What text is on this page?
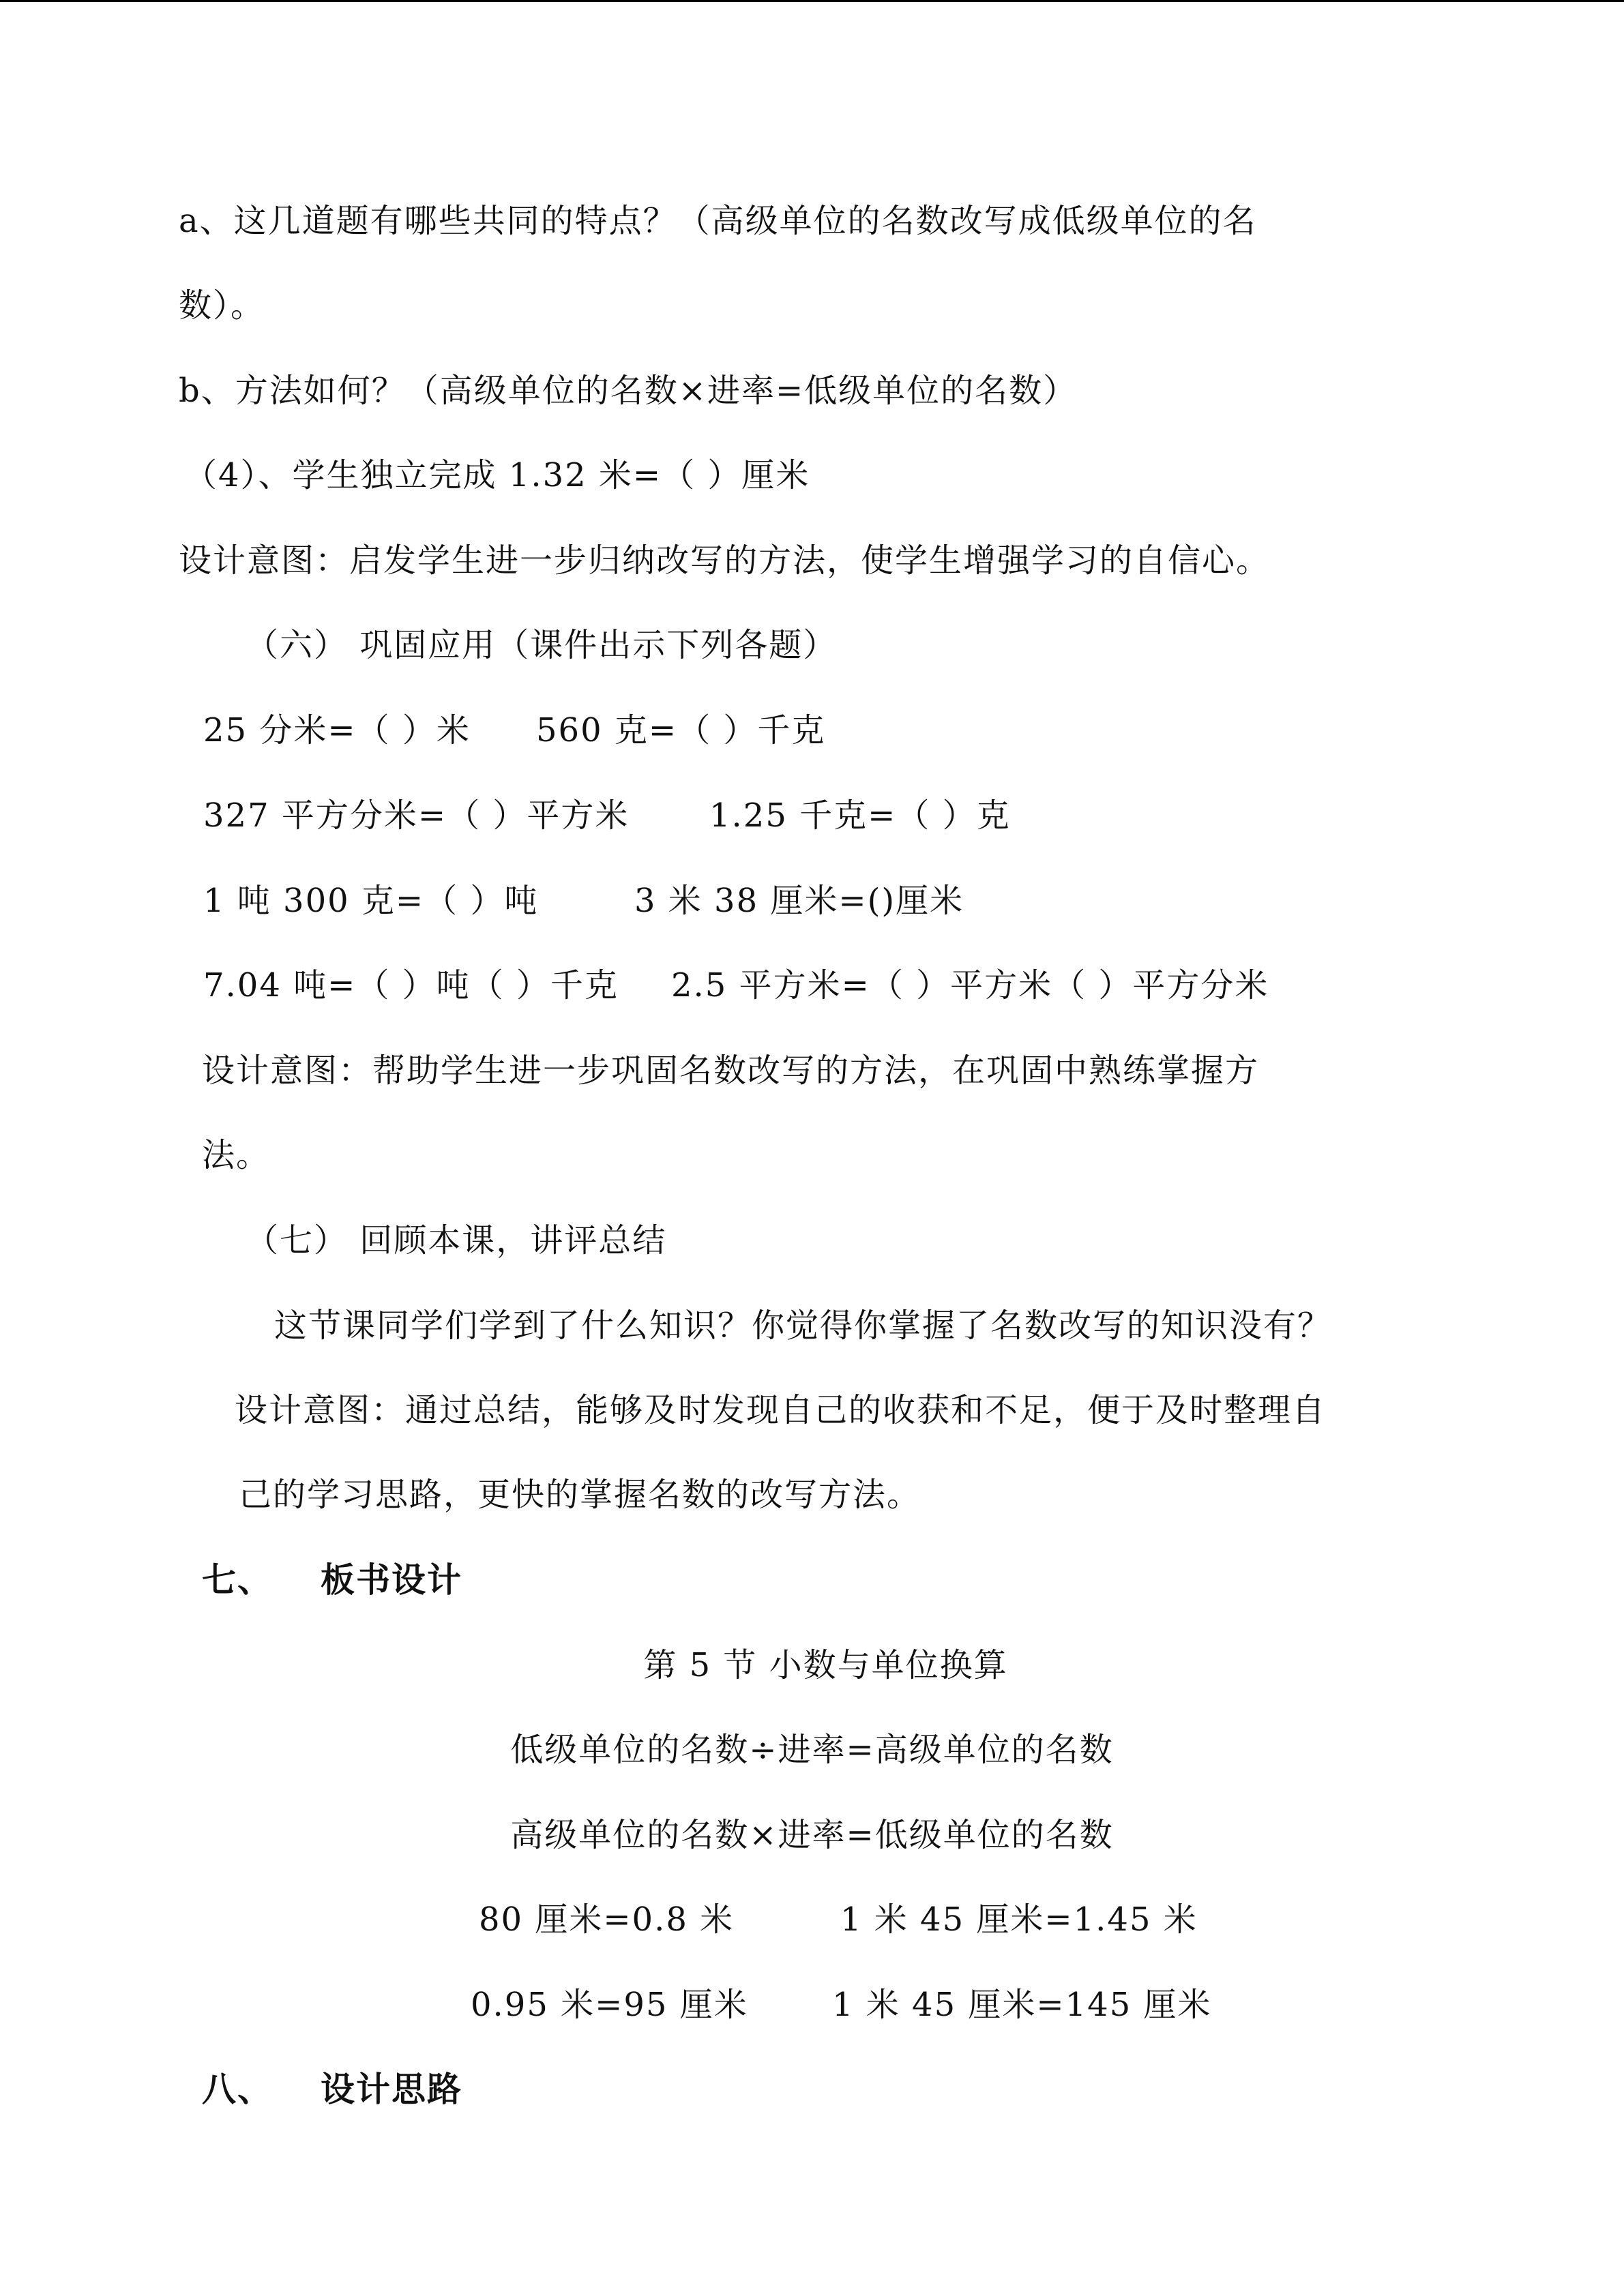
a、这几道题有哪些共同的特点？（高级单位的名数改写成低级单位的名
数）。
b、方法如何？（高级单位的名数×进率=低级单位的名数）
（4）、学生独立完成 1.32 米=（ ）厘米
设计意图：启发学生进一步归纳改写的方法，使学生增强学习的自信心。
（六） 巩固应用（课件出示下列各题）
25 分米=（ ）米 560 克=（ ）千克
327 平方分米=（ ）平方米 1.25 千克=（ ）克
1 吨 300 克=（ ）吨	3 米 38 厘米=()厘米
7.04 吨=（ ）吨（ ）千克 2.5 平方米=（ ）平方米（ ）平方分米
设计意图：帮助学生进一步巩固名数改写的方法，在巩固中熟练掌握方
法。
（七） 回顾本课，讲评总结
这节课同学们学到了什么知识？你觉得你掌握了名数改写的知识没有？
设计意图：通过总结，能够及时发现自己的收获和不足，便于及时整理自
己的学习思路，更快的掌握名数的改写方法。
七、 板书设计
第 5 节 小数与单位换算
低级单位的名数÷进率=高级单位的名数
高级单位的名数×进率=低级单位的名数
80 厘米=0.8 米	1 米 45 厘米=1.45 米
0.95 米=95 厘米	1 米 45 厘米=145 厘米
八、 设计思路
